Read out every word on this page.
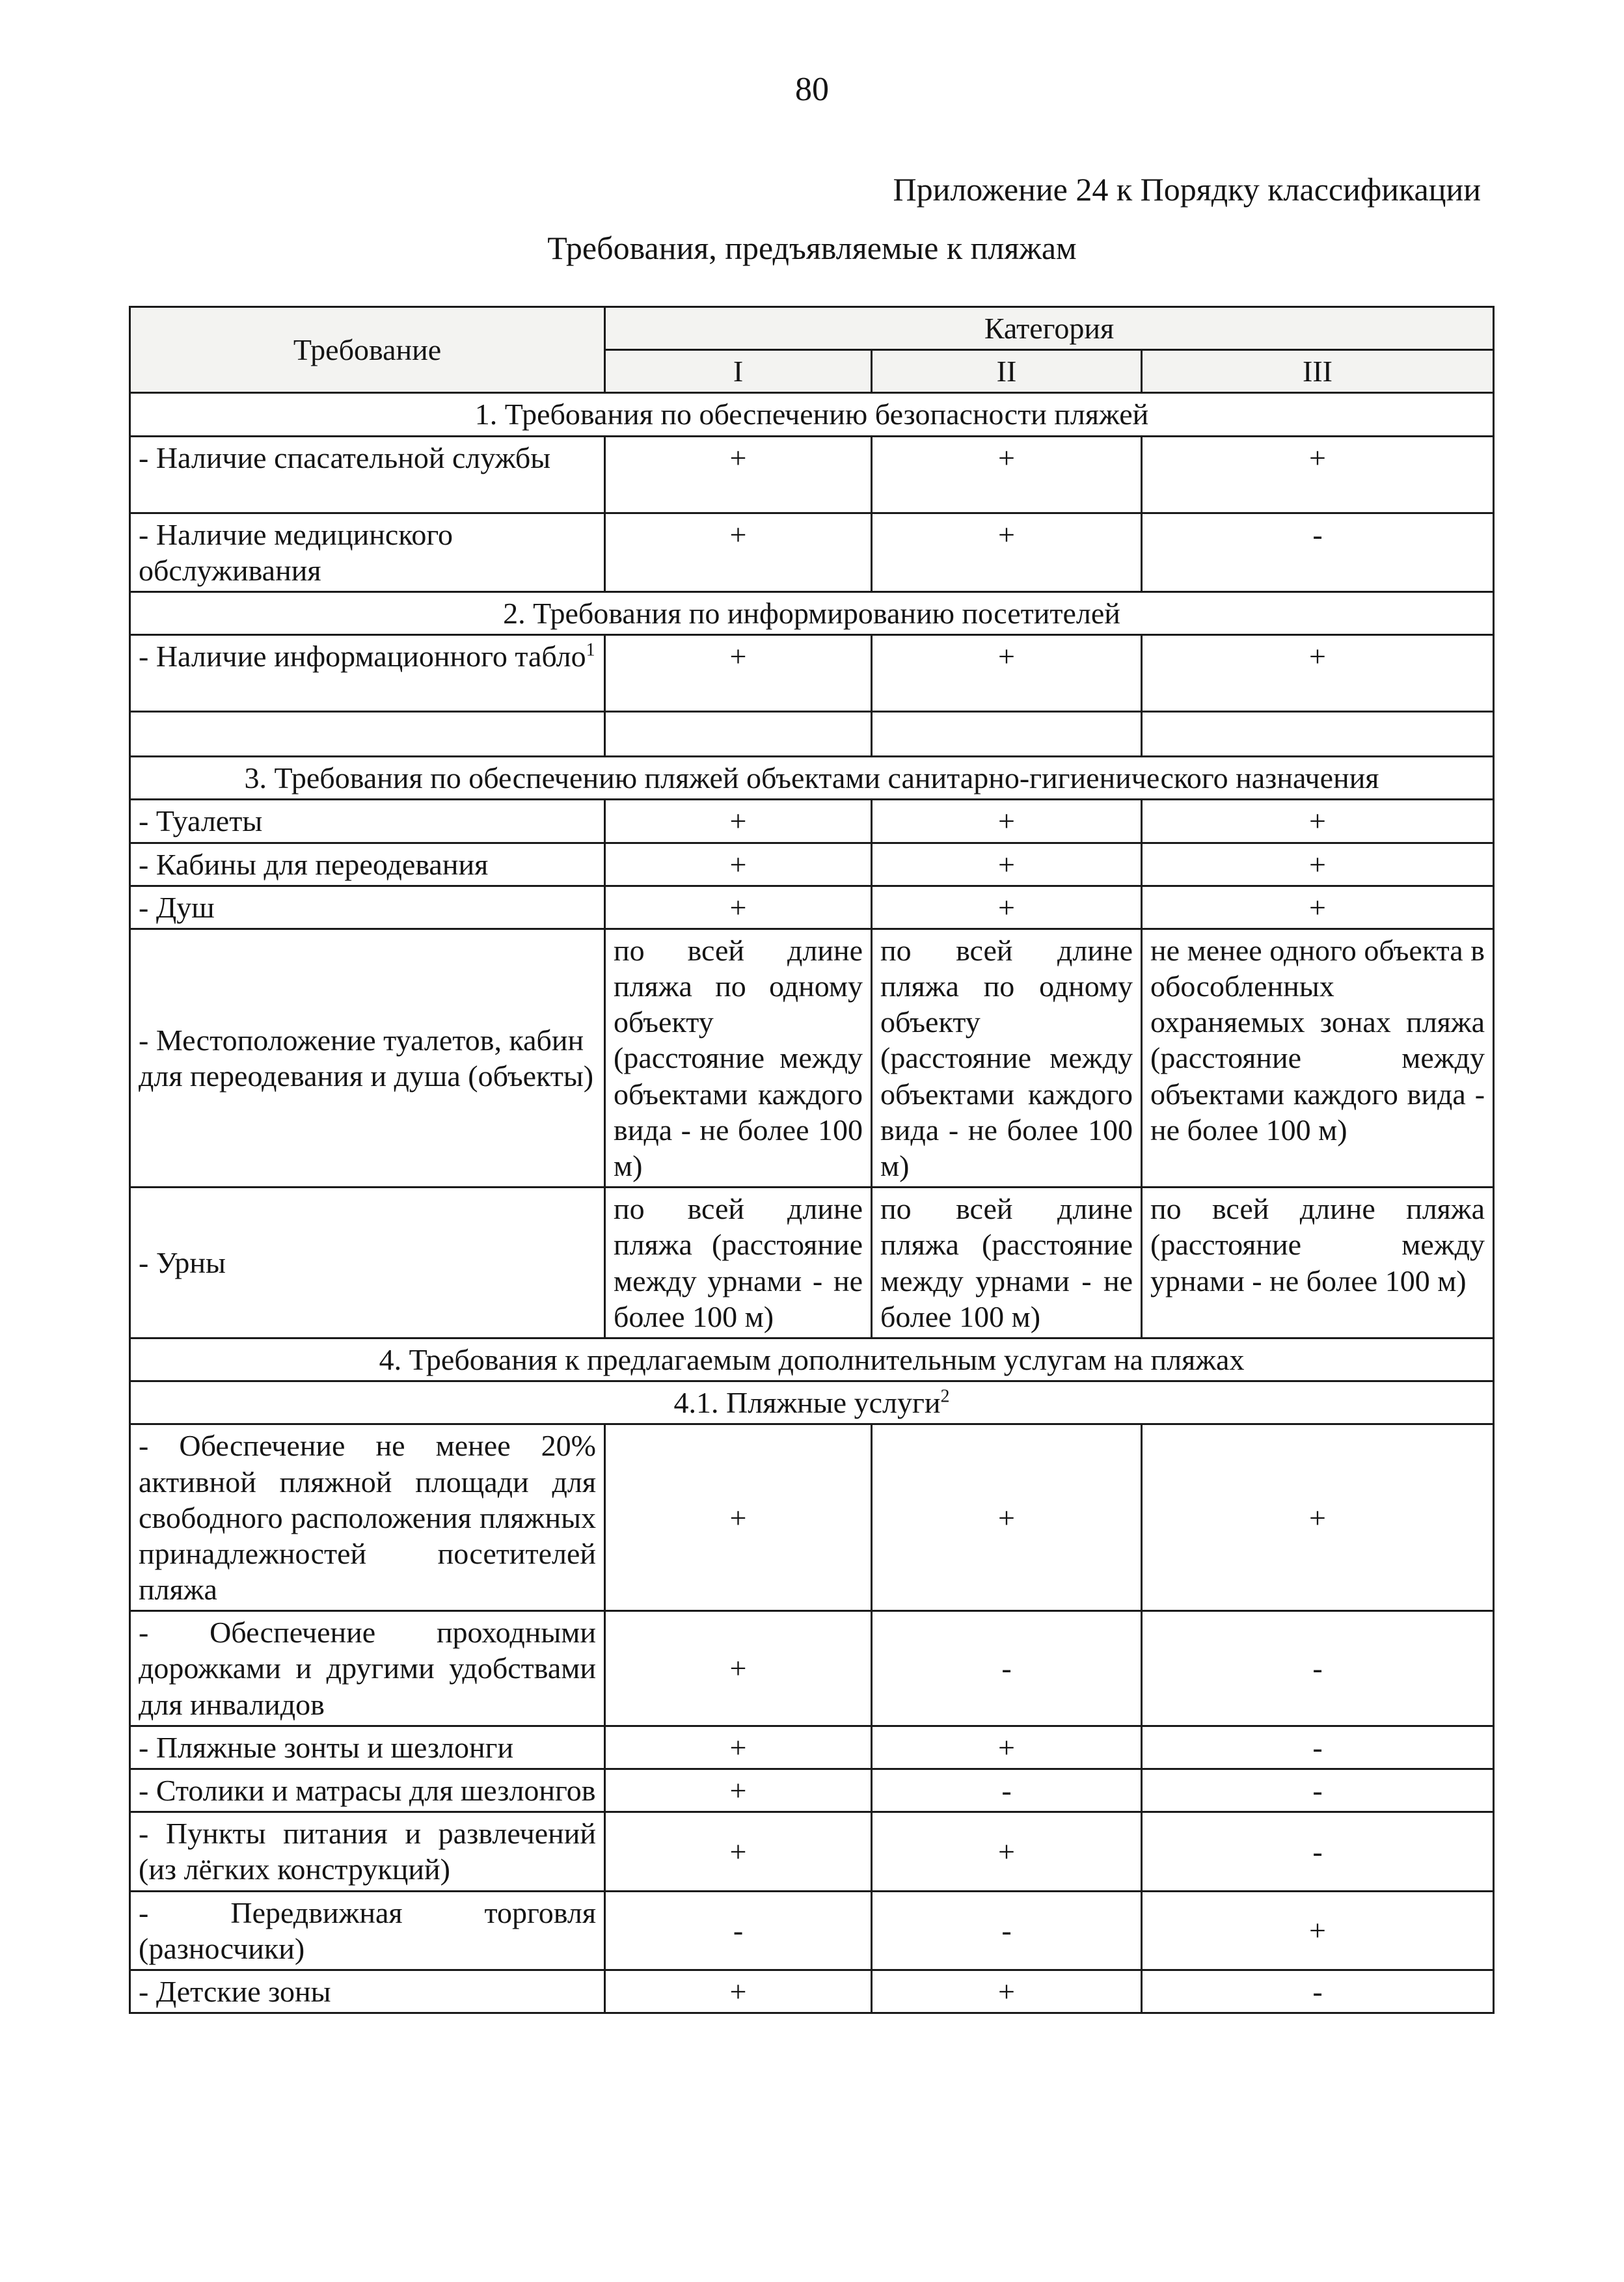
80
Приложение 24 к Порядку классификации
Требования, предъявляемые к пляжам
Требование	Категория		
	I	II	III
1. Требования по обеспечению безопасности пляжей			
- Наличие спасательной службы	+	+	+
- Наличие медицинского обслуживания	+	+	-
2. Требования по информированию посетителей			
- Наличие информационного табло$^1$	+	+	+

3. Требования по обеспечению пляжей объектами санитарно-гигиенического назначения			
- Туалеты	+	+	+
- Кабины для переодевания	+	+	+
- Душ	+	+	+
- Местоположение туалетов, кабин для переодевания и душа (объекты)	по всей длине пляжа по одному объекту (расстояние между объектами каждого вида - не более 100 м)	по всей длине пляжа по одному объекту (расстояние между объектами каждого вида - не более 100 м)	не менее одного объекта в обособленных охраняемых зонах пляжа (расстояние между объектами каждого вида - не более 100 м)
- Урны	по всей длине пляжа (расстояние между урнами - не более 100 м)	по всей длине пляжа (расстояние между урнами - не более 100 м)	по всей длине пляжа (расстояние между урнами - не более 100 м)
4. Требования к предлагаемым дополнительным услугам на пляжах			
4.1. Пляжные услуги$^2$
- Обеспечение не менее 20% активной пляжной площади для свободного расположения пляжных принадлежностей посетителей пляжа	+	+	+
- Обеспечение проходными дорожками и другими удобствами для инвалидов	+	-	-
- Пляжные зонты и шезлонги	+	+	-
- Столики и матрасы для шезлонгов	+	-	-
- Пункты питания и развлечений (из лёгких конструкций)	+	+	-
- Передвижная торговля (разносчики)	-	-	+
- Детские зоны	+	+	-
